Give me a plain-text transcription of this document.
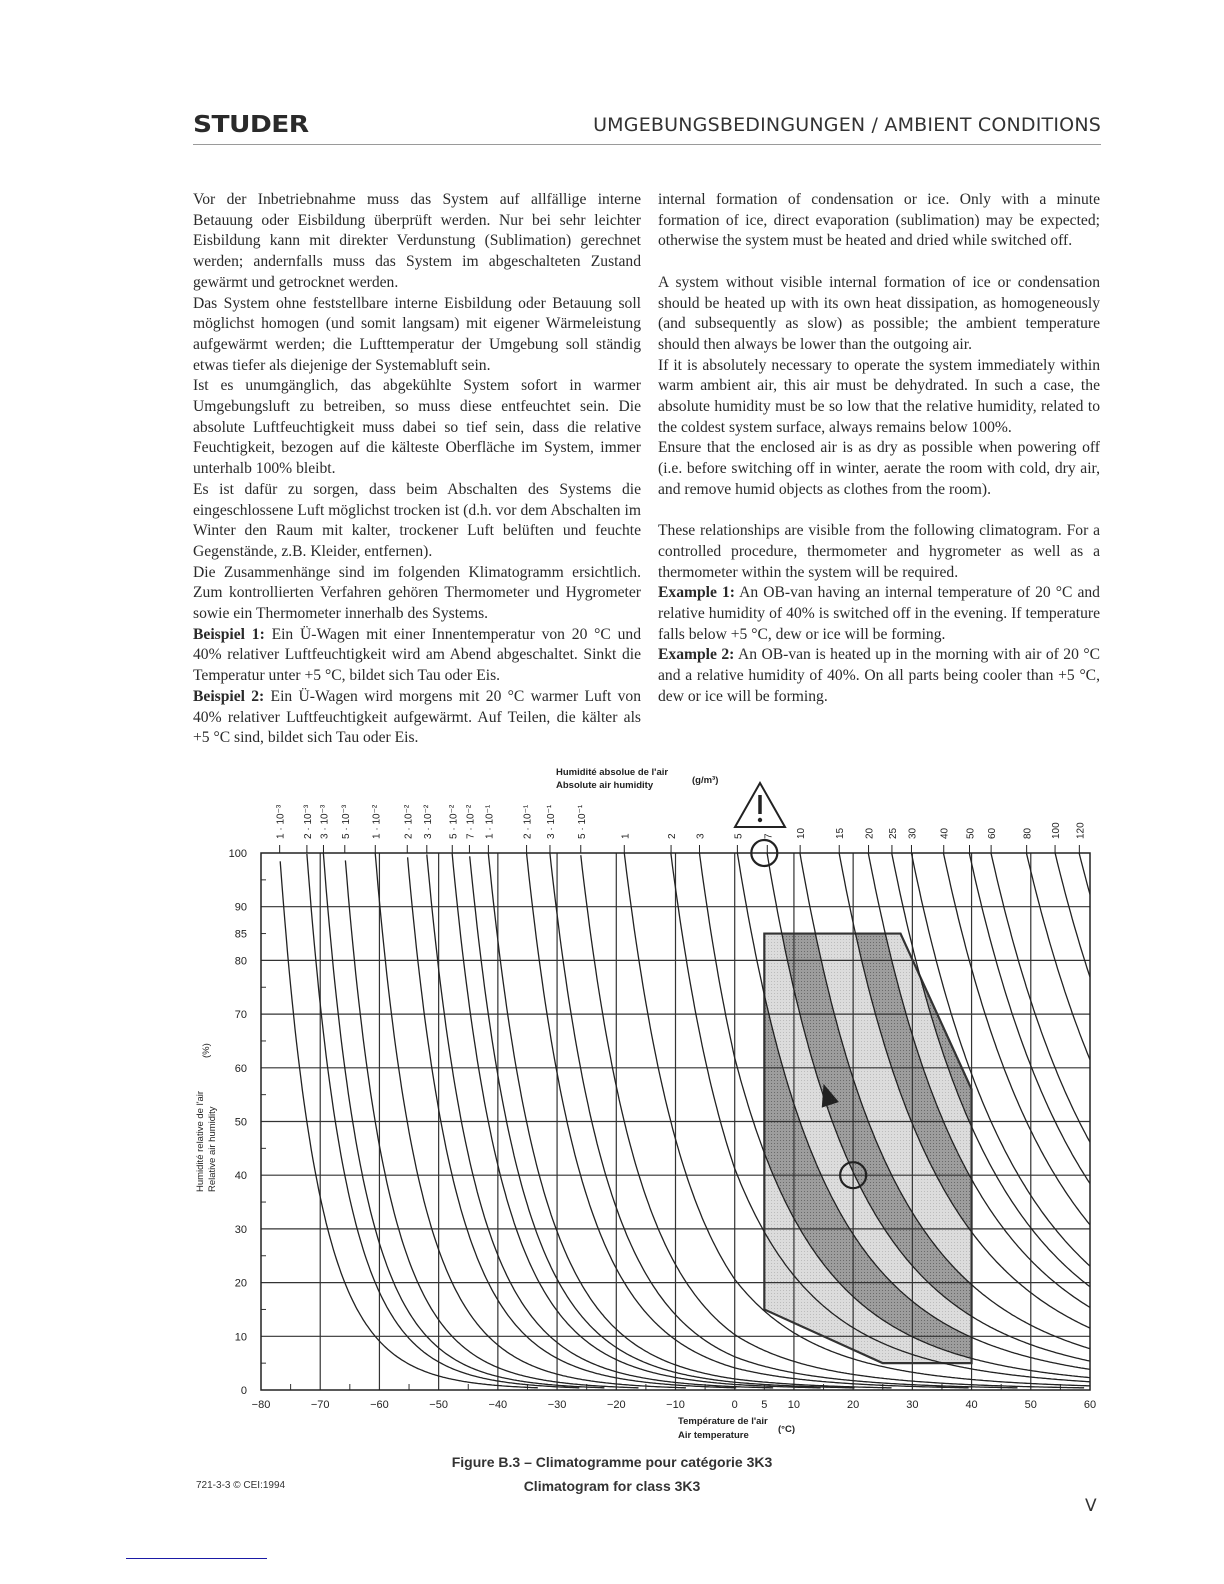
STUDER	UMGEBUNGSBEDINGUNGEN / AMBIENT CONDITIONS

Vor der Inbetriebnahme muss das System auf allfällige interne Betauung oder Eisbildung überprüft werden. Nur bei sehr leichter Eisbildung kann mit direkter Verdunstung (Sublimation) gerechnet werden; andernfalls muss das System im abgeschalteten Zustand gewärmt und getrocknet werden.

Das System ohne feststellbare interne Eisbildung oder Betauung soll möglichst homogen (und somit langsam) mit eigener Wärmeleistung aufgewärmt werden; die Lufttemperatur der Umgebung soll ständig etwas tiefer als diejenige der Systemabluft sein.

Ist es unumgänglich, das abgekühlte System sofort in warmer Umgebungsluft zu betreiben, so muss diese entfeuchtet sein. Die absolute Luftfeuchtigkeit muss dabei so tief sein, dass die relative Feuchtigkeit, bezogen auf die kälteste Oberfläche im System, immer unterhalb 100% bleibt.

Es ist dafür zu sorgen, dass beim Abschalten des Systems die eingeschlossene Luft möglichst trocken ist (d.h. vor dem Abschalten im Winter den Raum mit kalter, trockener Luft belüften und feuchte Gegenstände, z.B. Kleider, entfernen).

Die Zusammenhänge sind im folgenden Klimatogramm ersichtlich. Zum kontrollierten Verfahren gehören Thermometer und Hygrometer sowie ein Thermometer innerhalb des Systems.

Beispiel 1: Ein Ü-Wagen mit einer Innentemperatur von 20 °C und 40% relativer Luftfeuchtigkeit wird am Abend abgeschaltet. Sinkt die Temperatur unter +5 °C, bildet sich Tau oder Eis.

Beispiel 2: Ein Ü-Wagen wird morgens mit 20 °C warmer Luft von 40% relativer Luftfeuchtigkeit aufgewärmt. Auf Teilen, die kälter als +5 °C sind, bildet sich Tau oder Eis.

internal formation of condensation or ice. Only with a minute formation of ice, direct evaporation (sublimation) may be expected; otherwise the system must be heated and dried while switched off.

A system without visible internal formation of ice or condensation should be heated up with its own heat dissipation, as homogeneously (and subsequently as slow) as possible; the ambient temperature should then always be lower than the outgoing air.

If it is absolutely necessary to operate the system immediately within warm ambient air, this air must be dehydrated. In such a case, the absolute humidity must be so low that the relative humidity, related to the coldest system surface, always remains below 100%.

Ensure that the enclosed air is as dry as possible when powering off (i.e. before switching off in winter, aerate the room with cold, dry air, and remove humid objects as clothes from the room).

These relationships are visible from the following climatogram. For a controlled procedure, thermometer and hygrometer as well as a thermometer within the system will be required.

Example 1: An OB-van having an internal temperature of 20 °C and relative humidity of 40% is switched off in the evening. If temperature falls below +5 °C, dew or ice will be forming.

Example 2: An OB-van is heated up in the morning with air of 20 °C and a relative humidity of 40%. On all parts being cooler than +5 °C, dew or ice will be forming.

0
10
20
30
40
50
60
70
80
85
90
100
−80	−70	−60	−50	−40	−30	−20	−10	0 5 10	20	30	40	50	60
1 · 10⁻³ 2 · 10⁻³ 3 · 10⁻³ 5 · 10⁻³ 1 · 10⁻² 2 · 10⁻² 3 · 10⁻² 5 · 10⁻² 7 · 10⁻² 1 · 10⁻¹	2 · 10⁻¹ 3 · 10⁻¹ 5 · 10⁻¹	1	2 3	5 7 10	15 20 25 30 40 50 60 80 100 120
Humidité absolue de l'air
Absolute air humidity	(g/m³)
Température de l'air
Air temperature
(°C)
Humidité relative de l'air Relative air humidity
(%)
Figure B.3 – Climatogramme pour catégorie 3K3
Climatogram for class 3K3
721-3-3 © CEI:1994
V
